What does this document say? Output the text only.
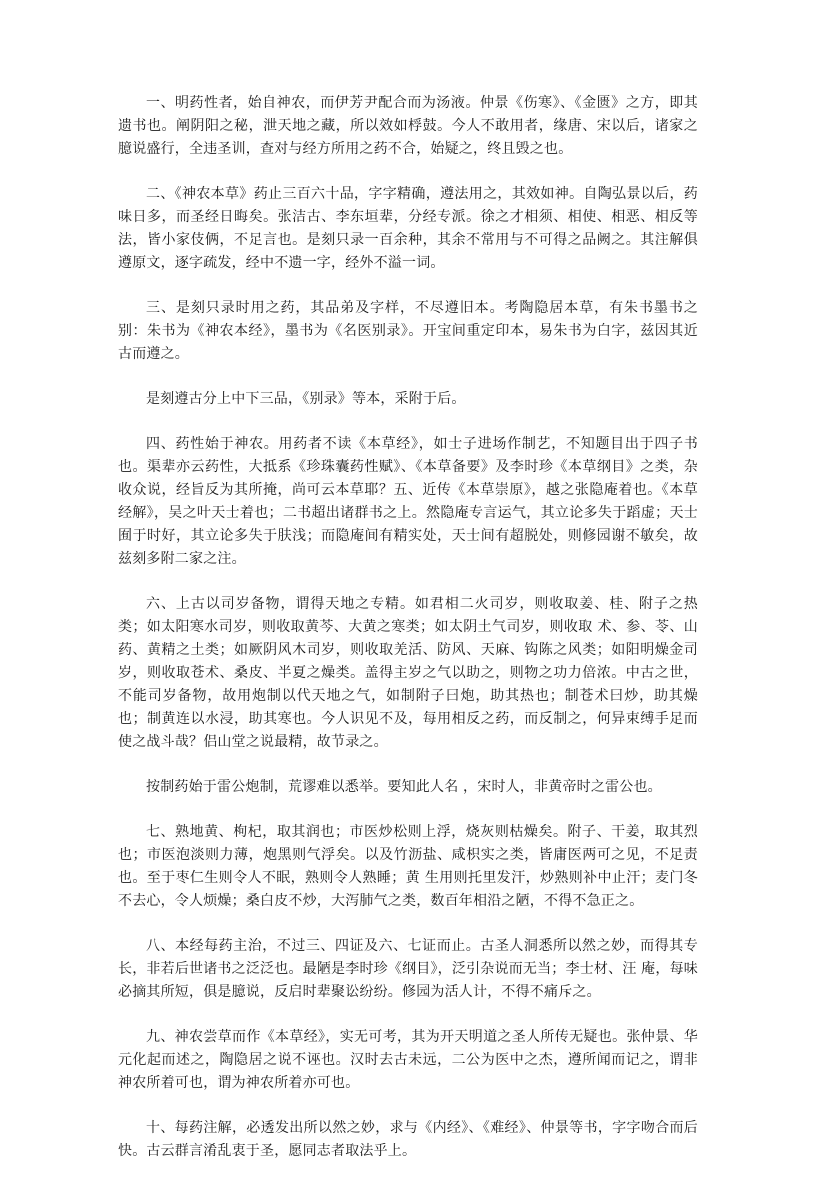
一、明药性者，始自神农，而伊芳尹配合而为汤液。仲景《伤寒》、《金匮》之方，即其遗书也。阐阴阳之秘，泄天地之藏，所以效如桴鼓。今人不敢用者，缘唐、宋以后，诸家之臆说盛行，全违圣训，查对与经方所用之药不合，始疑之，终且毁之也。

二、《神农本草》药止三百六十品，字字精确，遵法用之，其效如神。自陶弘景以后，药味日多，而圣经日晦矣。张洁古、李东垣辈，分经专派。徐之才相须、相使、相恶、相反等法，皆小家伎俩，不足言也。是刻只录一百余种，其余不常用与不可得之品阙之。其注解俱遵原文，逐字疏发，经中不遗一字，经外不溢一词。

三、是刻只录时用之药，其品弟及字样，不尽遵旧本。考陶隐居本草，有朱书墨书之别：朱书为《神农本经》，墨书为《名医别录》。开宝间重定印本，易朱书为白字，兹因其近古而遵之。

是刻遵古分上中下三品，《别录》等本，采附于后。

四、药性始于神农。用药者不读《本草经》，如士子进场作制艺，不知题目出于四子书也。渠辈亦云药性，大抵系《珍珠囊药性赋》、《本草备要》及李时珍《本草纲目》之类，杂收众说，经旨反为其所掩，尚可云本草耶？五、近传《本草崇原》，越之张隐庵着也。《本草经解》，吴之叶天士着也；二书超出诸群书之上。然隐庵专言运气，其立论多失于蹈虚；天士囿于时好，其立论多失于肤浅；而隐庵间有精实处，天士间有超脱处，则修园谢不敏矣，故兹刻多附二家之注。

六、上古以司岁备物，谓得天地之专精。如君相二火司岁，则收取姜、桂、附子之热类；如太阳寒水司岁，则收取黄芩、大黄之寒类；如太阴土气司岁，则收取 术、参、苓、山药、黄精之土类；如厥阴风木司岁，则收取羌活、防风、天麻、钩陈之风类；如阳明燥金司岁，则收取苍术、桑皮、半夏之燥类。盖得主岁之气以助之，则物之功力倍浓。中古之世，不能司岁备物，故用炮制以代天地之气，如制附子曰炮，助其热也；制苍术曰炒，助其燥也；制黄连以水浸，助其寒也。今人识见不及，每用相反之药，而反制之，何异束缚手足而使之战斗哉？侣山堂之说最精，故节录之。

按制药始于雷公炮制，荒谬难以悉举。要知此人名 ，宋时人，非黄帝时之雷公也。

七、熟地黄、枸杞，取其润也；市医炒松则上浮，烧灰则枯燥矣。附子、干姜，取其烈也；市医泡淡则力薄，炮黑则气浮矣。以及竹沥盐、咸枳实之类，皆庸医两可之见，不足责也。至于枣仁生则令人不眠，熟则令人熟睡；黄 生用则托里发汗，炒熟则补中止汗；麦门冬不去心，令人烦燥；桑白皮不炒，大泻肺气之类，数百年相沿之陋，不得不急正之。

八、本经每药主治，不过三、四证及六、七证而止。古圣人洞悉所以然之妙，而得其专长，非若后世诸书之泛泛也。最陋是李时珍《纲目》，泛引杂说而无当；李士材、汪 庵，每味必摘其所短，俱是臆说，反启时辈聚讼纷纷。修园为活人计，不得不痛斥之。

九、神农尝草而作《本草经》，实无可考，其为开天明道之圣人所传无疑也。张仲景、华元化起而述之，陶隐居之说不诬也。汉时去古未远，二公为医中之杰，遵所闻而记之，谓非神农所着可也，谓为神农所着亦可也。

十、每药注解，必透发出所以然之妙，求与《内经》、《难经》、仲景等书，字字吻合而后快。古云群言淆乱衷于圣，愿同志者取法乎上。
